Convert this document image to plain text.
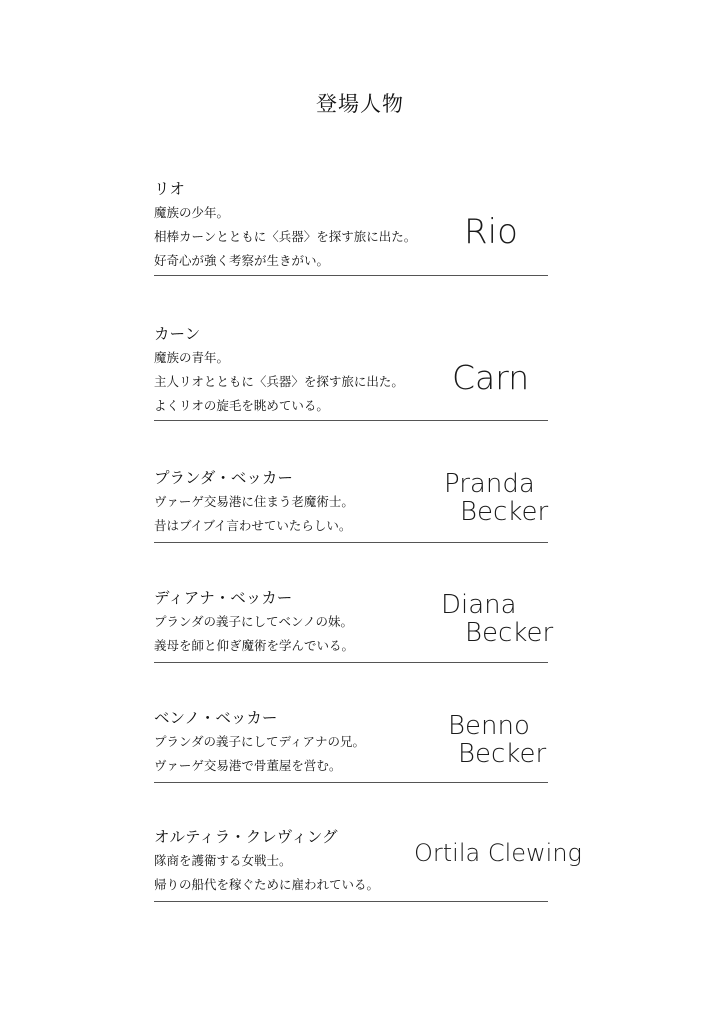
登場人物
リオ
魔族の少年。
相棒カーンとともに〈兵器〉を探す旅に出た。
好奇心が強く考察が生きがい。
Rio
カーン
魔族の青年。
主人リオとともに〈兵器〉を探す旅に出た。
よくリオの旋毛を眺めている。
Carn
プランダ・ベッカー
ヴァーゲ交易港に住まう老魔術士。
昔はブイブイ言わせていたらしい。
Pranda
Becker
ディアナ・ベッカー
プランダの義子にしてベンノの妹。
義母を師と仰ぎ魔術を学んでいる。
Diana
Becker
ベンノ・ベッカー
プランダの義子にしてディアナの兄。
ヴァーゲ交易港で骨董屋を営む。
Benno
Becker
オルティラ・クレヴィング
隊商を護衛する女戦士。
帰りの船代を稼ぐために雇われている。
Ortila Clewing
